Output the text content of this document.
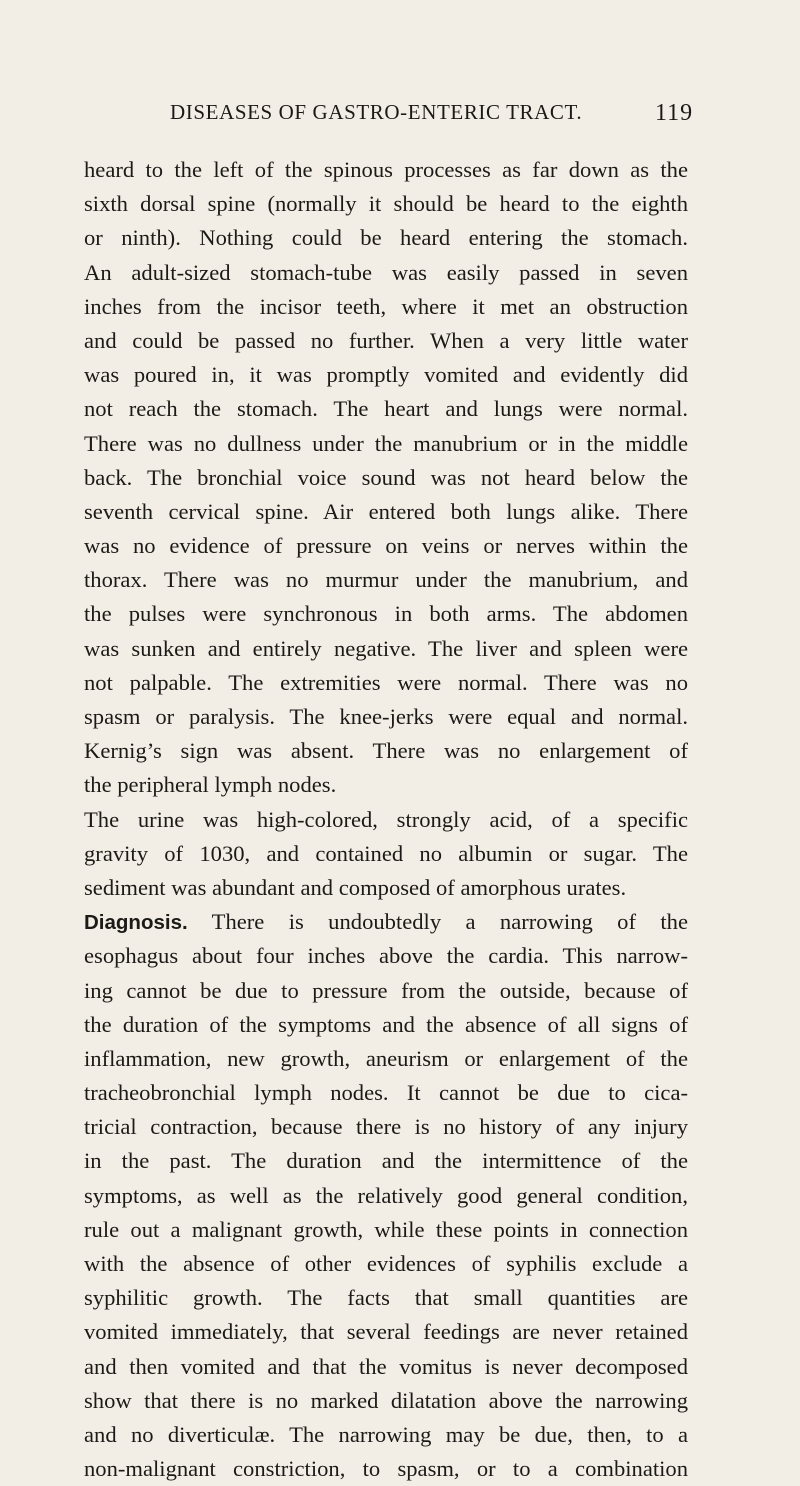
DISEASES OF GASTRO-ENTERIC TRACT.	119
heard to the left of the spinous processes as far down as the
sixth dorsal spine (normally it should be heard to the eighth
or ninth). Nothing could be heard entering the stomach.
An adult-sized stomach-tube was easily passed in seven
inches from the incisor teeth, where it met an obstruction
and could be passed no further. When a very little water
was poured in, it was promptly vomited and evidently did
not reach the stomach. The heart and lungs were normal.
There was no dullness under the manubrium or in the middle
back. The bronchial voice sound was not heard below the
seventh cervical spine. Air entered both lungs alike. There
was no evidence of pressure on veins or nerves within the
thorax. There was no murmur under the manubrium, and
the pulses were synchronous in both arms. The abdomen
was sunken and entirely negative. The liver and spleen were
not palpable. The extremities were normal. There was no
spasm or paralysis. The knee-jerks were equal and normal.
Kernig’s sign was absent. There was no enlargement of
the peripheral lymph nodes.
The urine was high-colored, strongly acid, of a specific
gravity of 1030, and contained no albumin or sugar. The
sediment was abundant and composed of amorphous urates.
Diagnosis. There is undoubtedly a narrowing of the
esophagus about four inches above the cardia. This narrow-
ing cannot be due to pressure from the outside, because of
the duration of the symptoms and the absence of all signs of
inflammation, new growth, aneurism or enlargement of the
tracheobronchial lymph nodes. It cannot be due to cica-
tricial contraction, because there is no history of any injury
in the past. The duration and the intermittence of the
symptoms, as well as the relatively good general condition,
rule out a malignant growth, while these points in connection
with the absence of other evidences of syphilis exclude a
syphilitic growth. The facts that small quantities are
vomited immediately, that several feedings are never retained
and then vomited and that the vomitus is never decomposed
show that there is no marked dilatation above the narrowing
and no diverticulæ. The narrowing may be due, then, to a
non-malignant constriction, to spasm, or to a combination
